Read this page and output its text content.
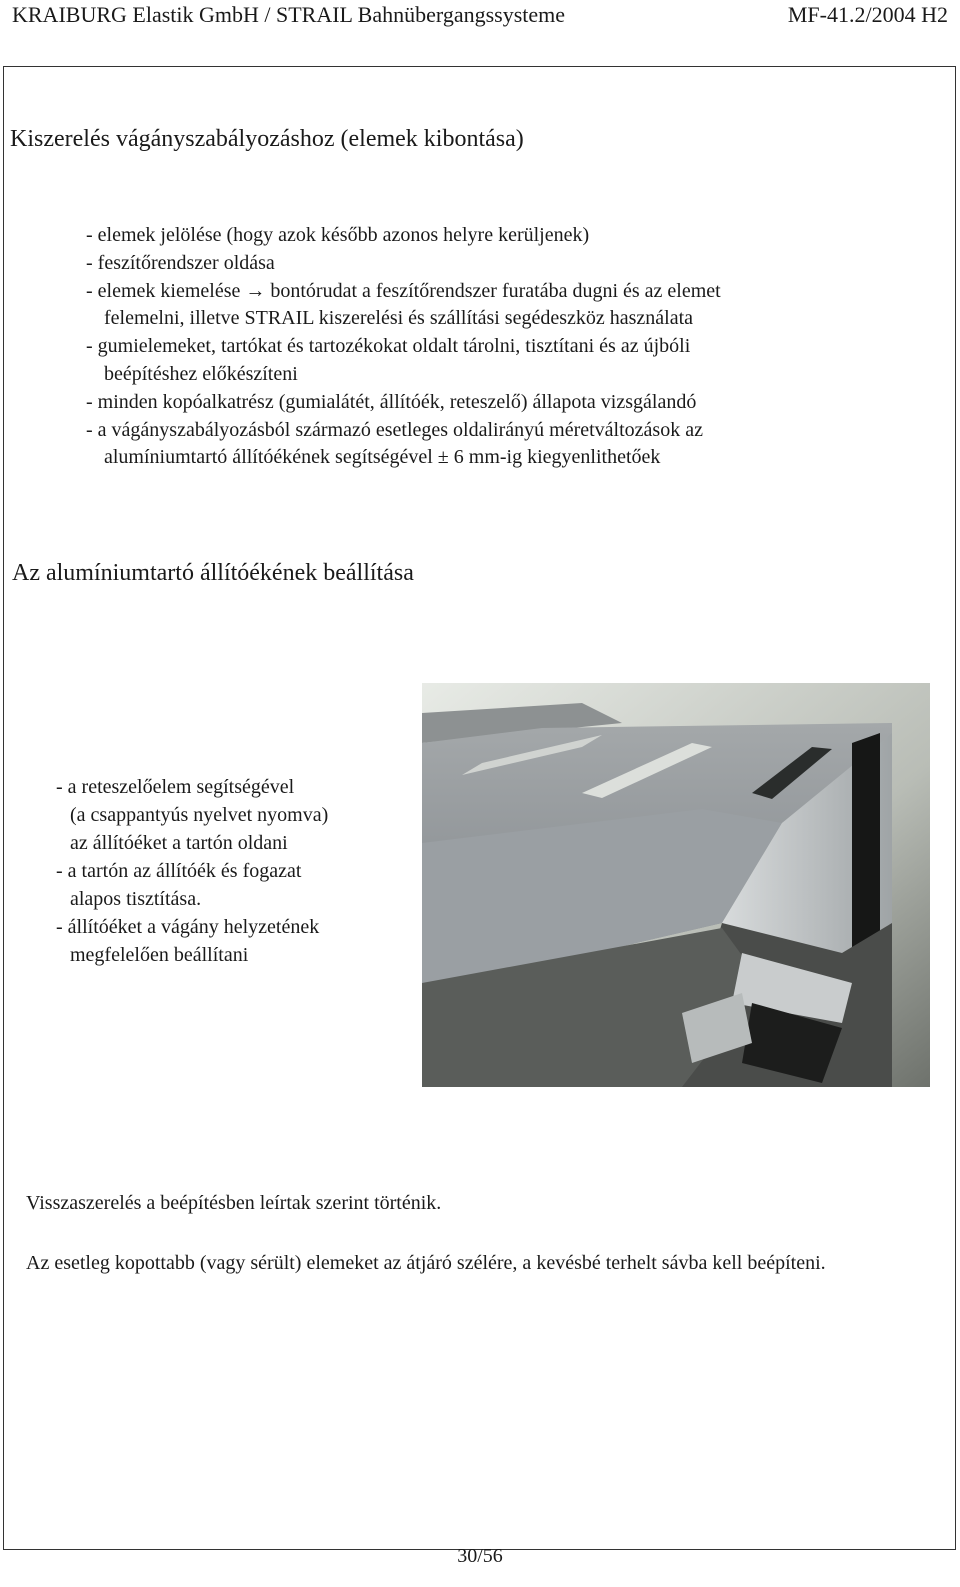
KRAIBURG Elastik GmbH / STRAIL Bahnübergangssysteme	MF-41.2/2004 H2
Kiszerelés vágányszabályozáshoz (elemek kibontása)
- elemek jelölése (hogy azok később azonos helyre kerüljenek)
- feszítőrendszer oldása
- elemek kiemelése → bontórudat a feszítőrendszer furatába dugni és az elemet
felemelni, illetve STRAIL kiszerelési és szállítási segédeszköz használata
- gumielemeket, tartókat és tartozékokat oldalt tárolni, tisztítani és az újbóli
beépítéshez előkészíteni
- minden kopóalkatrész (gumialátét, állítóék, reteszelő) állapota vizsgálandó
- a vágányszabályozásból származó esetleges oldalirányú méretváltozások az
alumíniumtartó állítóékének segítségével ± 6 mm-ig kiegyenlithetőek
Az alumíniumtartó állítóékének beállítása
- a reteszelőelem segítségével
(a csappantyús nyelvet nyomva)
az állítóéket a tartón oldani
- a tartón az állítóék és fogazat
alapos tisztítása.
- állítóéket a vágány helyzetének
megfelelően beállítani
Visszaszerelés a beépítésben leírtak szerint történik.
Az esetleg kopottabb (vagy sérült) elemeket az átjáró szélére, a kevésbé terhelt sávba kell beépíteni.
30/56
